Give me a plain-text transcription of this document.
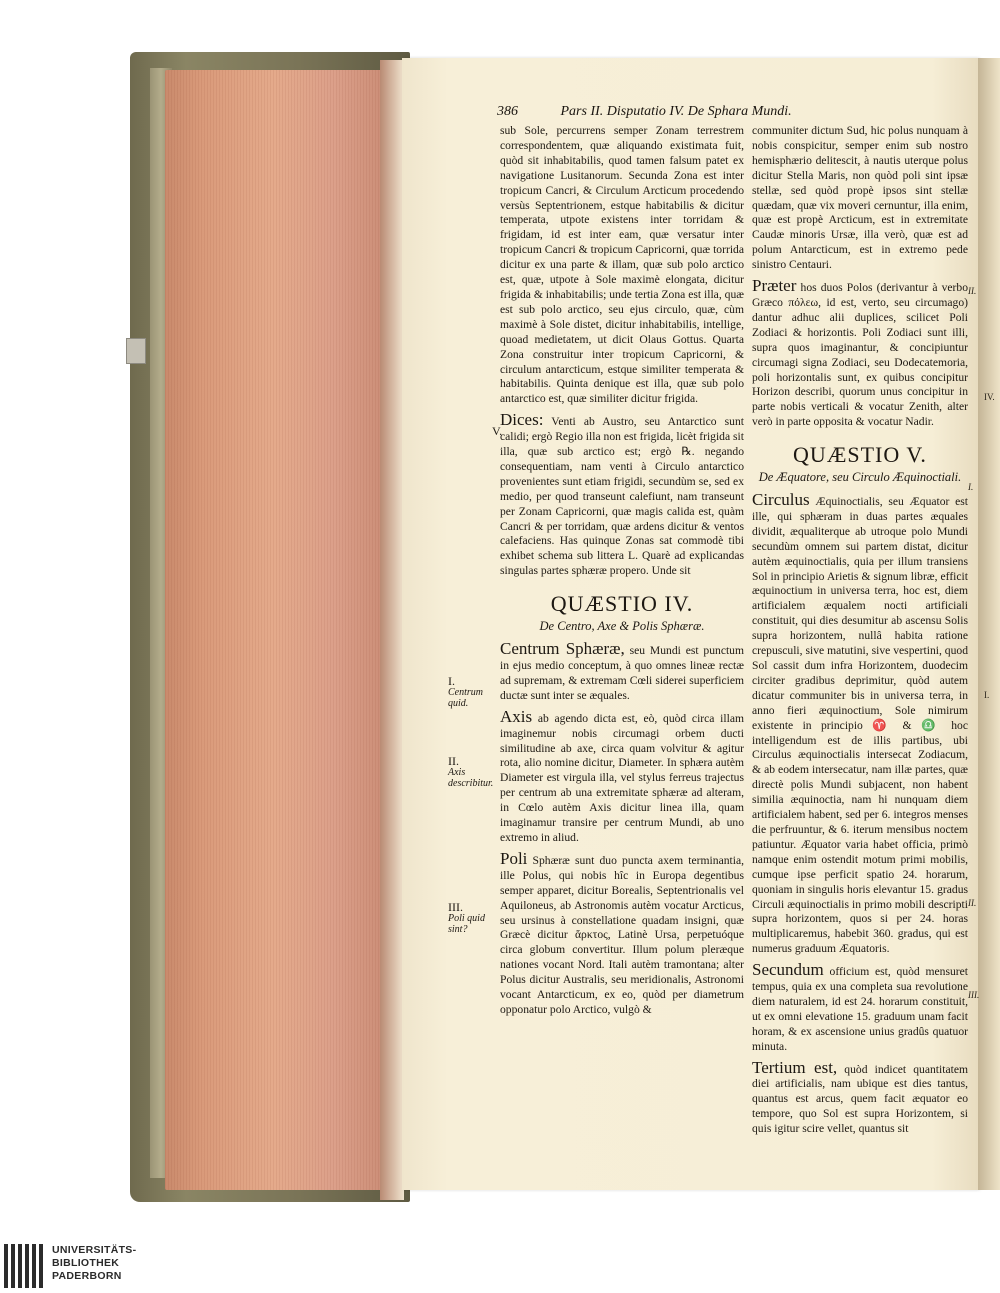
386	Pars II. Disputatio IV. De Sphara Mundi.

sub Sole, percurrens semper Zonam terrestrem correspondentem, quæ aliquando existimata fuit, quòd sit inhabitabilis, quod tamen falsum patet ex navigatione Lusitanorum. Secunda Zona est inter tropicum Cancri, & Circulum Arcticum procedendo versùs Septentrionem, estque habitabilis & dicitur temperata, utpote existens inter torridam & frigidam, id est inter eam, quæ versatur inter tropicum Cancri & tropicum Capricorni, quæ torrida dicitur ex una parte & illam, quæ sub polo arctico est, quæ, utpote à Sole maximè elongata, dicitur frigida & inhabitabilis; unde tertia Zona est illa, quæ est sub polo arctico, seu ejus circulo, quæ, cùm maximè à Sole distet, dicitur inhabitabilis, intellige, quoad medietatem, ut dicit Olaus Gottus. Quarta Zona construitur inter tropicum Capricorni, & circulum antarcticum, estque similiter temperata & habitabilis. Quinta denique est illa, quæ sub polo antarctico est, quæ similiter dicitur frigida.

Dices: Venti ab Austro, seu Antarctico sunt calidi; ergò Regio illa non est frigida, licèt frigida sit illa, quæ sub arctico est; ergò ℞. negando consequentiam, nam venti à Circulo antarctico provenientes sunt etiam frigidi, secundùm se, sed ex medio, per quod transeunt calefiunt, nam transeunt per Zonam Capricorni, quæ magis calida est, quàm Cancri & per torridam, quæ ardens dicitur & ventos calefaciens. Has quinque Zonas sat commodè tibi exhibet schema sub littera L. Quarè ad explicandas singulas partes sphæræ propero. Unde sit

QUÆSTIO IV.
De Centro, Axe & Polis Sphæræ.

Centrum Sphæræ, seu Mundi est punctum in ejus medio conceptum, à quo omnes lineæ rectæ ad supremam, & extremam Cœli siderei superficiem ductæ sunt inter se æquales.

Axis ab agendo dicta est, eò, quòd circa illam imaginemur nobis circumagi orbem ducti similitudine ab axe, circa quam volvitur & agitur rota, alio nomine dicitur, Diameter. In sphæra autèm Diameter est virgula illa, vel stylus ferreus trajectus per centrum ab una extremitate sphæræ ad alteram, in Cœlo autèm Axis dicitur linea illa, quam imaginamur transire per centrum Mundi, ab uno extremo in aliud.

Poli Sphæræ sunt duo puncta axem terminantia, ille Polus, qui nobis hîc in Europa degentibus semper apparet, dicitur Borealis, Septentrionalis vel Aquiloneus, ab Astronomis autèm vocatur Arcticus, seu ursinus à constellatione quadam insigni, quæ Græcè dicitur ἄρκτος, Latinè Ursa, perpetuóque circa globum convertitur. Illum polum pleræque nationes vocant Nord. Itali autèm tramontana; alter Polus dicitur Australis, seu meridionalis, Astronomi vocant Antarcticum, ex eo, quòd per diametrum opponatur polo Arctico, vulgò &

communiter dictum Sud, hic polus nunquam à nobis conspicitur, semper enim sub nostro hemisphærio delitescit, à nautis uterque polus dicitur Stella Maris, non quòd poli sint ipsæ stellæ, sed quòd propè ipsos sint stellæ quædam, quæ vix moveri cernuntur, illa enim, quæ est propè Arcticum, est in extremitate Caudæ minoris Ursæ, illa verò, quæ est ad polum Antarcticum, est in extremo pede sinistro Centauri.

Præter hos duos Polos (derivantur à verbo Græco πόλεω, id est, verto, seu circumago) dantur adhuc alii duplices, scilicet Poli Zodiaci & horizontis. Poli Zodiaci sunt illi, supra quos imaginantur, & concipiuntur circumagi signa Zodiaci, seu Dodecatemoria, poli horizontalis sunt, ex quibus concipitur Horizon describi, quorum unus concipitur in parte nobis verticali & vocatur Zenith, alter verò in parte opposita & vocatur Nadir.

QUÆSTIO V.
De Æquatore, seu Circulo Æquinoctiali.

Circulus Æquinoctialis, seu Æquator est ille, qui sphæram in duas partes æquales dividit, æqualiterque ab utroque polo Mundi secundùm omnem sui partem distat, dicitur autèm æquinoctialis, quia per illum transiens Sol in principio Arietis & signum libræ, efficit æquinoctium in universa terra, hoc est, diem artificialem æqualem nocti artificiali constituit, qui dies desumitur ab ascensu Solis supra horizontem, nullâ habita ratione crepusculi, sive matutini, sive vespertini, quod Sol cassit dum infra Horizontem, duodecim circiter gradibus deprimitur, quòd autem dicatur communiter bis in universa terra, in anno fieri æquinoctium, Sole nimirum existente in principio ♈ & ♎ hoc intelligendum est de illis partibus, ubi Circulus æquinoctialis intersecat Zodiacum, & ab eodem intersecatur, nam illæ partes, quæ directè polis Mundi subjacent, non habent similia æquinoctia, nam hi nunquam diem artificialem habent, sed per 6. integros menses die perfruuntur, & 6. iterum mensibus noctem patiuntur. Æquator varia habet officia, primò namque enim ostendit motum primi mobilis, cumque ipse perficit spatio 24. horarum, quoniam in singulis horis elevantur 15. gradus Circuli æquinoctialis in primo mobili descripti supra horizontem, quos si per 24. horas multiplicaremus, habebit 360. gradus, qui est numerus graduum Æquatoris.

Secundum officium est, quòd mensuret tempus, quia ex una completa sua revolutione diem naturalem, id est 24. horarum constituit, ut ex omni elevatione 15. graduum unam facit horam, & ex ascensione unius gradûs quatuor minuta.

Tertium est, quòd indicet quantitatem diei artificialis, nam ubique est dies tantus, quantus est arcus, quem facit æquator eo tempore, quo Sol est supra Horizontem, si quis igitur scire vellet, quantus sit

V.
I.
Centrum quid.
II.
Axis describitur.
III.
Poli quid sint?
II.
I.
II.
III.
IV.
I.
UNIVERSITÄTS-
BIBLIOTHEK
PADERBORN
